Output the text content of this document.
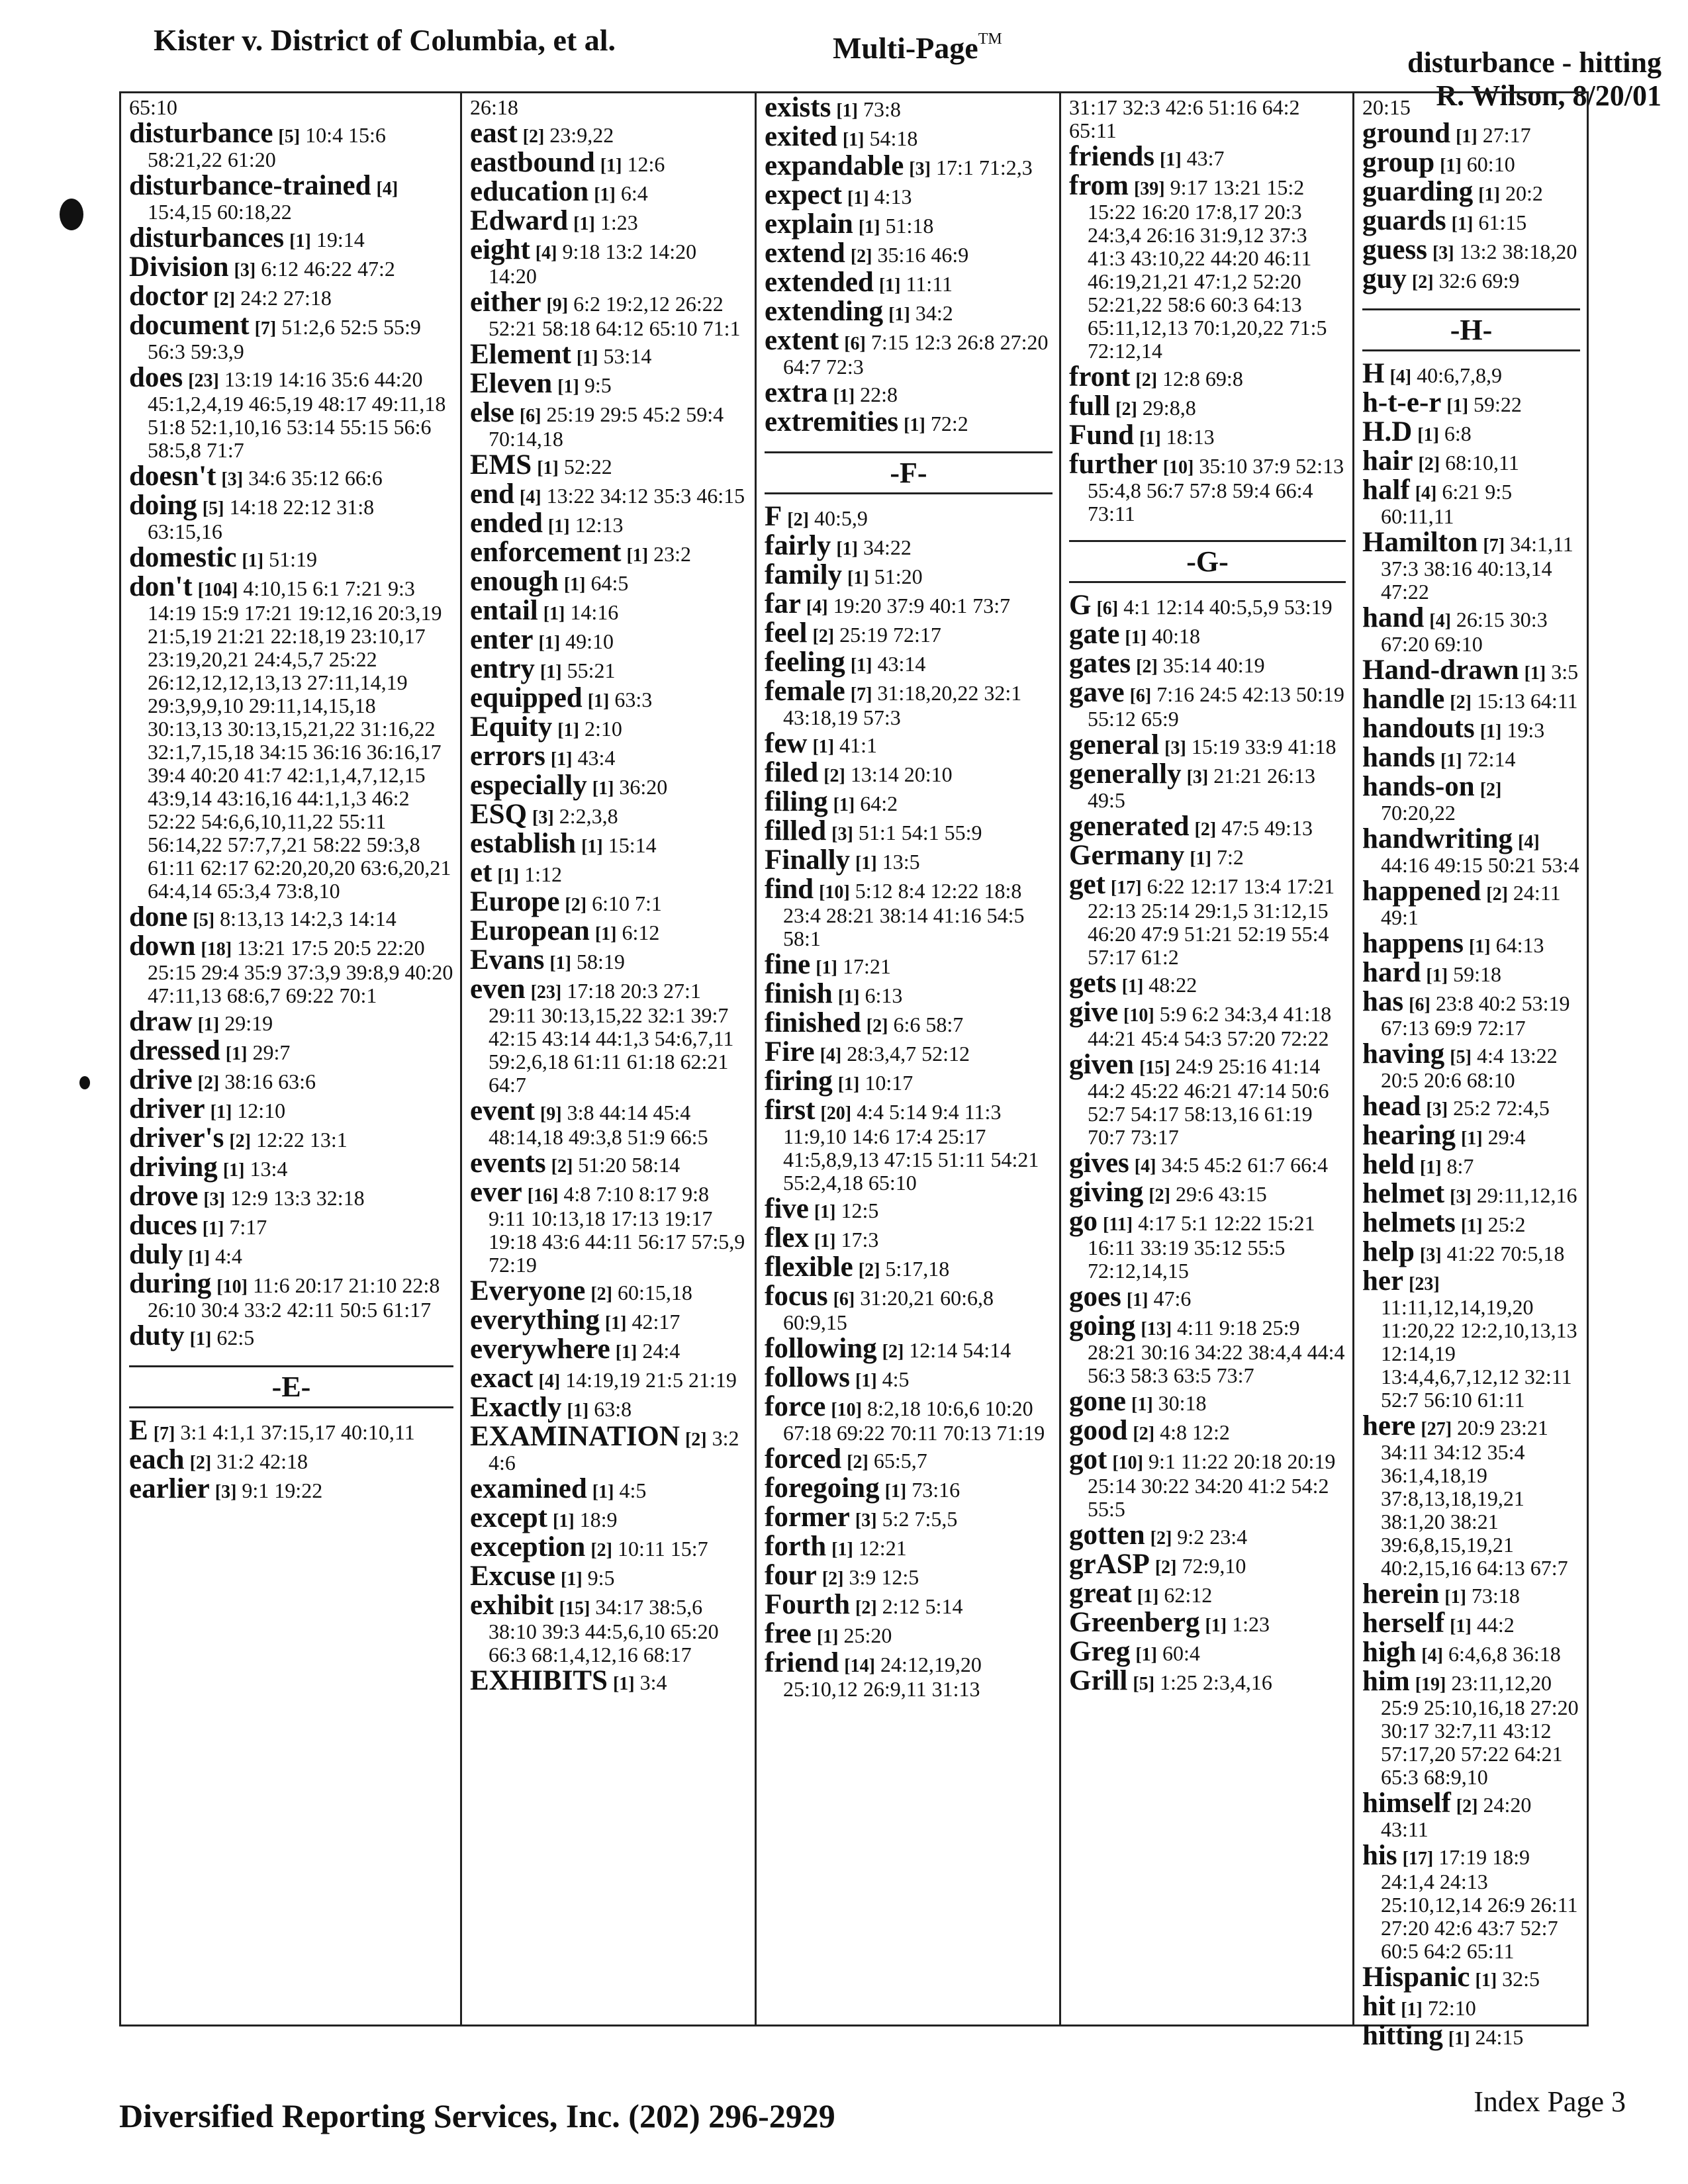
Kister v. District of Columbia, et al.	Multi-Page™
disturbance - hitting
R. Wilson, 8/20/01
65:10
disturbance [5] 10:4 15:6 58:21,22 61:20
disturbance-trained [4] 15:4,15 60:18,22
disturbances [1] 19:14
Division [3] 6:12 46:22 47:2
doctor [2] 24:2 27:18
document [7] 51:2,6 52:5 55:9 56:3 59:3,9
does [23] 13:19 14:16 35:6 44:20 45:1,2,4,19 46:5,19 48:17 49:11,18 51:8 52:1,10,16 53:14 55:15 56:6 58:5,8 71:7
doesn't [3] 34:6 35:12 66:6
doing [5] 14:18 22:12 31:8 63:15,16
domestic [1] 51:19
don't [104] 4:10,15 6:1 7:21 9:3 14:19 15:9 17:21 19:12,16 20:3,19 21:5,19 21:21 22:18,19 23:10,17 23:19,20,21 24:4,5,7 25:22 26:12,12,12,13,13 27:11,14,19 29:3,9,9,10 29:11,14,15,18 30:13,13 30:13,15,21,22 31:16,22 32:1,7,15,18 34:15 36:16 36:16,17 39:4 40:20 41:7 42:1,1,4,7,12,15 43:9,14 43:16,16 44:1,1,3 46:2 52:22 54:6,6,10,11,22 55:11 56:14,22 57:7,7,21 58:22 59:3,8 61:11 62:17 62:20,20,20 63:6,20,21 64:4,14 65:3,4 73:8,10
done [5] 8:13,13 14:2,3 14:14
down [18] 13:21 17:5 20:5 22:20 25:15 29:4 35:9 37:3,9 39:8,9 40:20 47:11,13 68:6,7 69:22 70:1
draw [1] 29:19
dressed [1] 29:7
drive [2] 38:16 63:6
driver [1] 12:10
driver's [2] 12:22 13:1
driving [1] 13:4
drove [3] 12:9 13:3 32:18
duces [1] 7:17
duly [1] 4:4
during [10] 11:6 20:17 21:10 22:8 26:10 30:4 33:2 42:11 50:5 61:17
duty [1] 62:5
-E-
E [7] 3:1 4:1,1 37:15,17 40:10,11
each [2] 31:2 42:18
earlier [3] 9:1 19:22
26:18
east [2] 23:9,22
eastbound [1] 12:6
education [1] 6:4
Edward [1] 1:23
eight [4] 9:18 13:2 14:20 14:20
either [9] 6:2 19:2,12 26:22 52:21 58:18 64:12 65:10 71:1
Element [1] 53:14
Eleven [1] 9:5
else [6] 25:19 29:5 45:2 59:4 70:14,18
EMS [1] 52:22
end [4] 13:22 34:12 35:3 46:15
ended [1] 12:13
enforcement [1] 23:2
enough [1] 64:5
entail [1] 14:16
enter [1] 49:10
entry [1] 55:21
equipped [1] 63:3
Equity [1] 2:10
errors [1] 43:4
especially [1] 36:20
ESQ [3] 2:2,3,8
establish [1] 15:14
et [1] 1:12
Europe [2] 6:10 7:1
European [1] 6:12
Evans [1] 58:19
even [23] 17:18 20:3 27:1 29:11 30:13,15,22 32:1 39:7 42:15 43:14 44:1,3 54:6,7,11 59:2,6,18 61:11 61:18 62:21 64:7
event [9] 3:8 44:14 45:4 48:14,18 49:3,8 51:9 66:5
events [2] 51:20 58:14
ever [16] 4:8 7:10 8:17 9:8 9:11 10:13,18 17:13 19:17 19:18 43:6 44:11 56:17 57:5,9 72:19
Everyone [2] 60:15,18
everything [1] 42:17
everywhere [1] 24:4
exact [4] 14:19,19 21:5 21:19
Exactly [1] 63:8
EXAMINATION [2] 3:2 4:6
examined [1] 4:5
except [1] 18:9
exception [2] 10:11 15:7
Excuse [1] 9:5
exhibit [15] 34:17 38:5,6 38:10 39:3 44:5,6,10 65:20 66:3 68:1,4,12,16 68:17
EXHIBITS [1] 3:4
exists [1] 73:8
exited [1] 54:18
expandable [3] 17:1 71:2,3
expect [1] 4:13
explain [1] 51:18
extend [2] 35:16 46:9
extended [1] 11:11
extending [1] 34:2
extent [6] 7:15 12:3 26:8 27:20 64:7 72:3
extra [1] 22:8
extremities [1] 72:2
-F-
F [2] 40:5,9
fairly [1] 34:22
family [1] 51:20
far [4] 19:20 37:9 40:1 73:7
feel [2] 25:19 72:17
feeling [1] 43:14
female [7] 31:18,20,22 32:1 43:18,19 57:3
few [1] 41:1
filed [2] 13:14 20:10
filing [1] 64:2
filled [3] 51:1 54:1 55:9
Finally [1] 13:5
find [10] 5:12 8:4 12:22 18:8 23:4 28:21 38:14 41:16 54:5 58:1
fine [1] 17:21
finish [1] 6:13
finished [2] 6:6 58:7
Fire [4] 28:3,4,7 52:12
firing [1] 10:17
first [20] 4:4 5:14 9:4 11:3 11:9,10 14:6 17:4 25:17 41:5,8,9,13 47:15 51:11 54:21 55:2,4,18 65:10
five [1] 12:5
flex [1] 17:3
flexible [2] 5:17,18
focus [6] 31:20,21 60:6,8 60:9,15
following [2] 12:14 54:14
follows [1] 4:5
force [10] 8:2,18 10:6,6 10:20 67:18 69:22 70:11 70:13 71:19
forced [2] 65:5,7
foregoing [1] 73:16
former [3] 5:2 7:5,5
forth [1] 12:21
four [2] 3:9 12:5
Fourth [2] 2:12 5:14
free [1] 25:20
friend [14] 24:12,19,20 25:10,12 26:9,11 31:13
31:17 32:3 42:6 51:16 64:2 65:11
friends [1] 43:7
from [39] 9:17 13:21 15:2 15:22 16:20 17:8,17 20:3 24:3,4 26:16 31:9,12 37:3 41:3 43:10,22 44:20 46:11 46:19,21,21 47:1,2 52:20 52:21,22 58:6 60:3 64:13 65:11,12,13 70:1,20,22 71:5 72:12,14
front [2] 12:8 69:8
full [2] 29:8,8
Fund [1] 18:13
further [10] 35:10 37:9 52:13 55:4,8 56:7 57:8 59:4 66:4 73:11
-G-
G [6] 4:1 12:14 40:5,5,9 53:19
gate [1] 40:18
gates [2] 35:14 40:19
gave [6] 7:16 24:5 42:13 50:19 55:12 65:9
general [3] 15:19 33:9 41:18
generally [3] 21:21 26:13 49:5
generated [2] 47:5 49:13
Germany [1] 7:2
get [17] 6:22 12:17 13:4 17:21 22:13 25:14 29:1,5 31:12,15 46:20 47:9 51:21 52:19 55:4 57:17 61:2
gets [1] 48:22
give [10] 5:9 6:2 34:3,4 41:18 44:21 45:4 54:3 57:20 72:22
given [15] 24:9 25:16 41:14 44:2 45:22 46:21 47:14 50:6 52:7 54:17 58:13,16 61:19 70:7 73:17
gives [4] 34:5 45:2 61:7 66:4
giving [2] 29:6 43:15
go [11] 4:17 5:1 12:22 15:21 16:11 33:19 35:12 55:5 72:12,14,15
goes [1] 47:6
going [13] 4:11 9:18 25:9 28:21 30:16 34:22 38:4,4 44:4 56:3 58:3 63:5 73:7
gone [1] 30:18
good [2] 4:8 12:2
got [10] 9:1 11:22 20:18 20:19 25:14 30:22 34:20 41:2 54:2 55:5
gotten [2] 9:2 23:4
grASP [2] 72:9,10
great [1] 62:12
Greenberg [1] 1:23
Greg [1] 60:4
Grill [5] 1:25 2:3,4,16
20:15
ground [1] 27:17
group [1] 60:10
guarding [1] 20:2
guards [1] 61:15
guess [3] 13:2 38:18,20
guy [2] 32:6 69:9
-H-
H [4] 40:6,7,8,9
h-t-e-r [1] 59:22
H.D [1] 6:8
hair [2] 68:10,11
half [4] 6:21 9:5 60:11,11
Hamilton [7] 34:1,11 37:3 38:16 40:13,14 47:22
hand [4] 26:15 30:3 67:20 69:10
Hand-drawn [1] 3:5
handle [2] 15:13 64:11
handouts [1] 19:3
hands [1] 72:14
hands-on [2] 70:20,22
handwriting [4] 44:16 49:15 50:21 53:4
happened [2] 24:11 49:1
happens [1] 64:13
hard [1] 59:18
has [6] 23:8 40:2 53:19 67:13 69:9 72:17
having [5] 4:4 13:22 20:5 20:6 68:10
head [3] 25:2 72:4,5
hearing [1] 29:4
held [1] 8:7
helmet [3] 29:11,12,16
helmets [1] 25:2
help [3] 41:22 70:5,18
her [23] 11:11,12,14,19,20 11:20,22 12:2,10,13,13 12:14,19 13:4,4,6,7,12,12 32:11 52:7 56:10 61:11
here [27] 20:9 23:21 34:11 34:12 35:4 36:1,4,18,19 37:8,13,18,19,21 38:1,20 38:21 39:6,8,15,19,21 40:2,15,16 64:13 67:7
herein [1] 73:18
herself [1] 44:2
high [4] 6:4,6,8 36:18
him [19] 23:11,12,20 25:9 25:10,16,18 27:20 30:17 32:7,11 43:12 57:17,20 57:22 64:21 65:3 68:9,10
himself [2] 24:20 43:11
his [17] 17:19 18:9 24:1,4 24:13 25:10,12,14 26:9 26:11 27:20 42:6 43:7 52:7 60:5 64:2 65:11
Hispanic [1] 32:5
hit [1] 72:10
hitting [1] 24:15
Diversified Reporting Services, Inc. (202) 296-2929	Index Page 3
